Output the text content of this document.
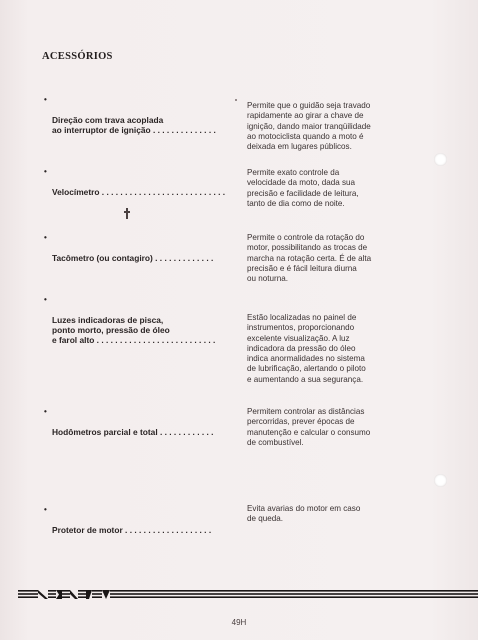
ACESSÓRIOS

•

Direção com trava acoplada
ao interruptor de ignição . . . . . . . . . . . . . .

Permite que o guidão seja travado
rapidamente ao girar a chave de
ignição, dando maior tranqüilidade
ao motociclista quando a moto é
deixada em lugares públicos.

•

Velocímetro . . . . . . . . . . . . . . . . . . . . . . . . . . .

Permite exato controle da
velocidade da moto, dada sua
precisão e facilidade de leitura,
tanto de dia como de noite.

•

Tacômetro (ou contagiro) . . . . . . . . . . . . .

Permite o controle da rotação do
motor, possibilitando as trocas de
marcha na rotação certa. É de alta
precisão e é fácil leitura diurna
ou noturna.

•

Luzes indicadoras de pisca,
ponto morto, pressão de óleo
e farol alto . . . . . . . . . . . . . . . . . . . . . . . . . .

Estão localizadas no painel de
instrumentos, proporcionando
excelente visualização. A luz
indicadora da pressão do óleo
indica anormalidades no sistema
de lubrificação, alertando o piloto
e aumentando a sua segurança.

•

Hodômetros parcial e total . . . . . . . . . . . .

Permitem controlar as distâncias
percorridas, prever épocas de
manutenção e calcular o consumo
de combustível.

•

Protetor de motor . . . . . . . . . . . . . . . . . . .

Evita avarias do motor em caso
de queda.
49H
